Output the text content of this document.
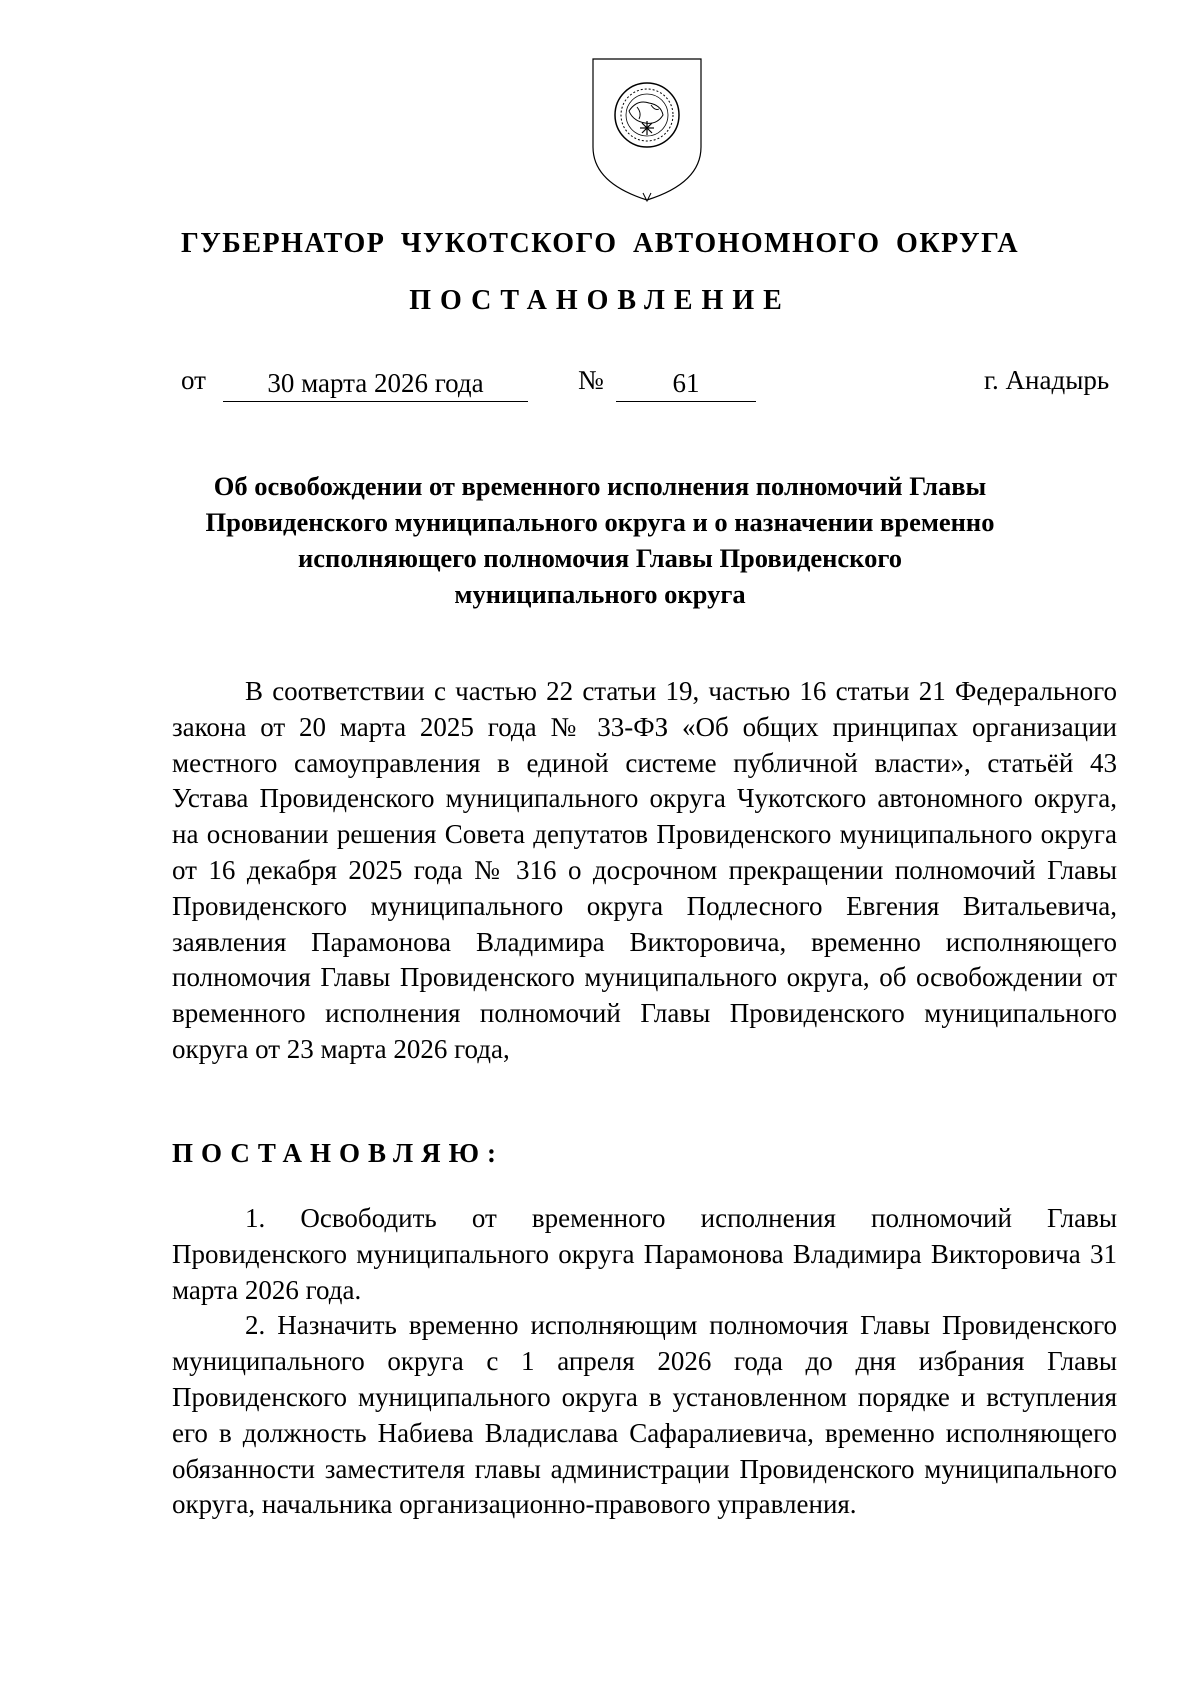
ГУБЕРНАТОР ЧУКОТСКОГО АВТОНОМНОГО ОКРУГА
ПОСТАНОВЛЕНИЕ
от	30 марта 2026 года	№	61	г. Анадырь
Об освобождении от временного исполнения полномочий Главы Провиденского муниципального округа и о назначении временно исполняющего полномочия Главы Провиденского муниципального округа

В соответствии с частью 22 статьи 19, частью 16 статьи 21 Федерального закона от 20 марта 2025 года № 33-ФЗ «Об общих принципах организации местного самоуправления в единой системе публичной власти», статьёй 43 Устава Провиденского муниципального округа Чукотского автономного округа, на основании решения Совета депутатов Провиденского муниципального округа от 16 декабря 2025 года № 316 о досрочном прекращении полномочий Главы Провиденского муниципального округа Подлесного Евгения Витальевича, заявления Парамонова Владимира Викторовича, временно исполняющего полномочия Главы Провиденского муниципального округа, об освобождении от временного исполнения полномочий Главы Провиденского муниципального округа от 23 марта 2026 года,

ПОСТАНОВЛЯЮ:

1. Освободить от временного исполнения полномочий Главы Провиденского муниципального округа Парамонова Владимира Викторовича 31 марта 2026 года.

2. Назначить временно исполняющим полномочия Главы Провиденского муниципального округа с 1 апреля 2026 года до дня избрания Главы Провиденского муниципального округа в установленном порядке и вступления его в должность Набиева Владислава Сафаралиевича, временно исполняющего обязанности заместителя главы администрации Провиденского муниципального округа, начальника организационно-правового управления.
